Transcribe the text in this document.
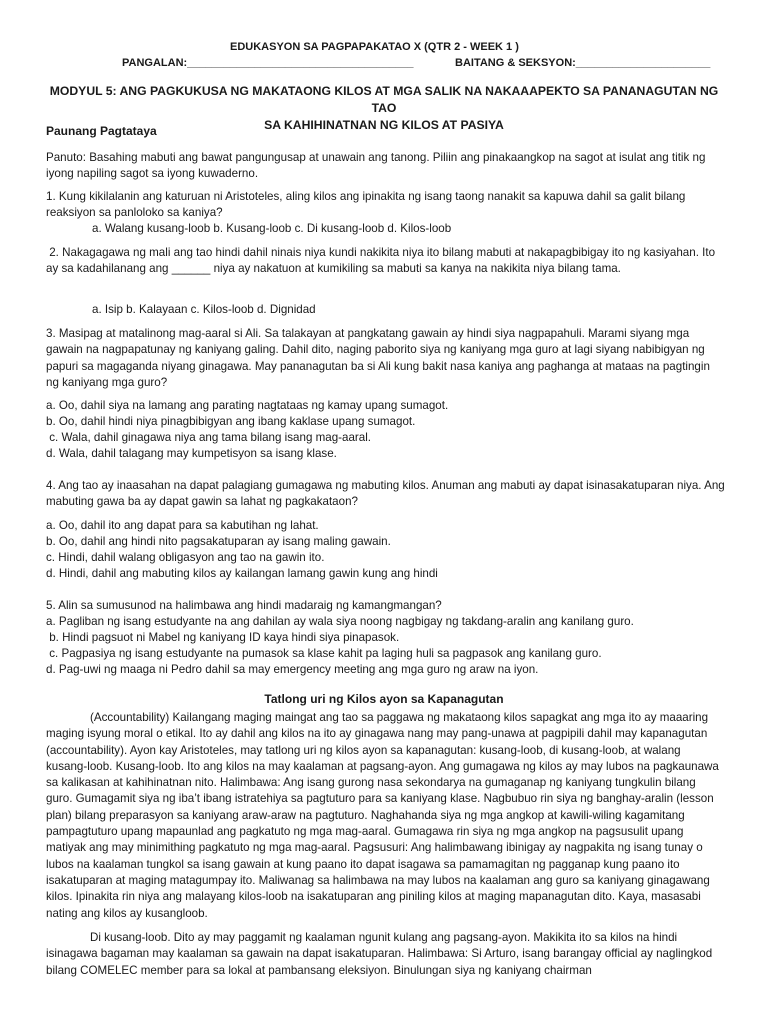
EDUKASYON SA PAGPAPAKATAO X (QTR 2 - WEEK 1 )
PANGALAN:_____________________________________	BAITANG & SEKSYON:______________________
MODYUL 5: ANG PAGKUKUSA NG MAKATAONG KILOS AT MGA SALIK NA NAKAAAPEKTO SA PANANAGUTAN NG TAO
SA KAHIHINATNAN NG KILOS AT PASIYA
Paunang Pagtataya
Panuto: Basahing mabuti ang bawat pangungusap at unawain ang tanong. Piliin ang pinakaangkop na sagot at isulat ang titik ng iyong napiling sagot sa iyong kuwaderno.
1. Kung kikilalanin ang katuruan ni Aristoteles, aling kilos ang ipinakita ng isang taong nanakit sa kapuwa dahil sa galit bilang reaksiyon sa panloloko sa kaniya?
a. Walang kusang-loob b. Kusang-loob c. Di kusang-loob d. Kilos-loob
2. Nakagagawa ng mali ang tao hindi dahil ninais niya kundi nakikita niya ito bilang mabuti at nakapagbibigay ito ng kasiyahan. Ito ay sa kadahilanang ang ______ niya ay nakatuon at kumikiling sa mabuti sa kanya na nakikita niya bilang tama.
a. Isip b. Kalayaan c. Kilos-loob d. Dignidad
3. Masipag at matalinong mag-aaral si Ali. Sa talakayan at pangkatang gawain ay hindi siya nagpapahuli. Marami siyang mga gawain na nagpapatunay ng kaniyang galing. Dahil dito, naging paborito siya ng kaniyang mga guro at lagi siyang nabibigyan ng papuri sa magaganda niyang ginagawa. May pananagutan ba si Ali kung bakit nasa kaniya ang paghanga at mataas na pagtingin ng kaniyang mga guro?
a. Oo, dahil siya na lamang ang parating nagtataas ng kamay upang sumagot.
b. Oo, dahil hindi niya pinagbibigyan ang ibang kaklase upang sumagot.
c. Wala, dahil ginagawa niya ang tama bilang isang mag-aaral.
d. Wala, dahil talagang may kumpetisyon sa isang klase.
4. Ang tao ay inaasahan na dapat palagiang gumagawa ng mabuting kilos. Anuman ang mabuti ay dapat isinasakatuparan niya. Ang mabuting gawa ba ay dapat gawin sa lahat ng pagkakataon?
a. Oo, dahil ito ang dapat para sa kabutihan ng lahat.
b. Oo, dahil ang hindi nito pagsakatuparan ay isang maling gawain.
c. Hindi, dahil walang obligasyon ang tao na gawin ito.
d. Hindi, dahil ang mabuting kilos ay kailangan lamang gawin kung ang hindi
5. Alin sa sumusunod na halimbawa ang hindi madaraig ng kamangmangan?
a. Pagliban ng isang estudyante na ang dahilan ay wala siya noong nagbigay ng takdang-aralin ang kanilang guro.
b. Hindi pagsuot ni Mabel ng kaniyang ID kaya hindi siya pinapasok.
c. Pagpasiya ng isang estudyante na pumasok sa klase kahit pa laging huli sa pagpasok ang kanilang guro.
d. Pag-uwi ng maaga ni Pedro dahil sa may emergency meeting ang mga guro ng araw na iyon.
Tatlong uri ng Kilos ayon sa Kapanagutan
(Accountability) Kailangang maging maingat ang tao sa paggawa ng makataong kilos sapagkat ang mga ito ay maaaring maging isyung moral o etikal. Ito ay dahil ang kilos na ito ay ginagawa nang may pang-unawa at pagpipili dahil may kapanagutan (accountability). Ayon kay Aristoteles, may tatlong uri ng kilos ayon sa kapanagutan: kusang-loob, di kusang-loob, at walang kusang-loob. Kusang-loob. Ito ang kilos na may kaalaman at pagsang-ayon. Ang gumagawa ng kilos ay may lubos na pagkaunawa sa kalikasan at kahihinatnan nito. Halimbawa: Ang isang gurong nasa sekondarya na gumaganap ng kaniyang tungkulin bilang guro. Gumagamit siya ng iba’t ibang istratehiya sa pagtuturo para sa kaniyang klase. Nagbubuo rin siya ng banghay-aralin (lesson plan) bilang preparasyon sa kaniyang araw-araw na pagtuturo. Naghahanda siya ng mga angkop at kawili-wiling kagamitang pampagtuturo upang mapaunlad ang pagkatuto ng mga mag-aaral. Gumagawa rin siya ng mga angkop na pagsusulit upang matiyak ang may minimithing pagkatuto ng mga mag-aaral. Pagsusuri: Ang halimbawang ibinigay ay nagpakita ng isang tunay o lubos na kaalaman tungkol sa isang gawain at kung paano ito dapat isagawa sa pamamagitan ng pagganap kung paano ito isakatuparan at maging matagumpay ito. Maliwanag sa halimbawa na may lubos na kaalaman ang guro sa kaniyang ginagawang kilos. Ipinakita rin niya ang malayang kilos-loob na isakatuparan ang piniling kilos at maging mapanagutan dito. Kaya, masasabi nating ang kilos ay kusangloob.
Di kusang-loob. Dito ay may paggamit ng kaalaman ngunit kulang ang pagsang-ayon. Makikita ito sa kilos na hindi isinagawa bagaman may kaalaman sa gawain na dapat isakatuparan. Halimbawa: Si Arturo, isang barangay official ay naglingkod bilang COMELEC member para sa lokal at pambansang eleksiyon. Binulungan siya ng kaniyang chairman
